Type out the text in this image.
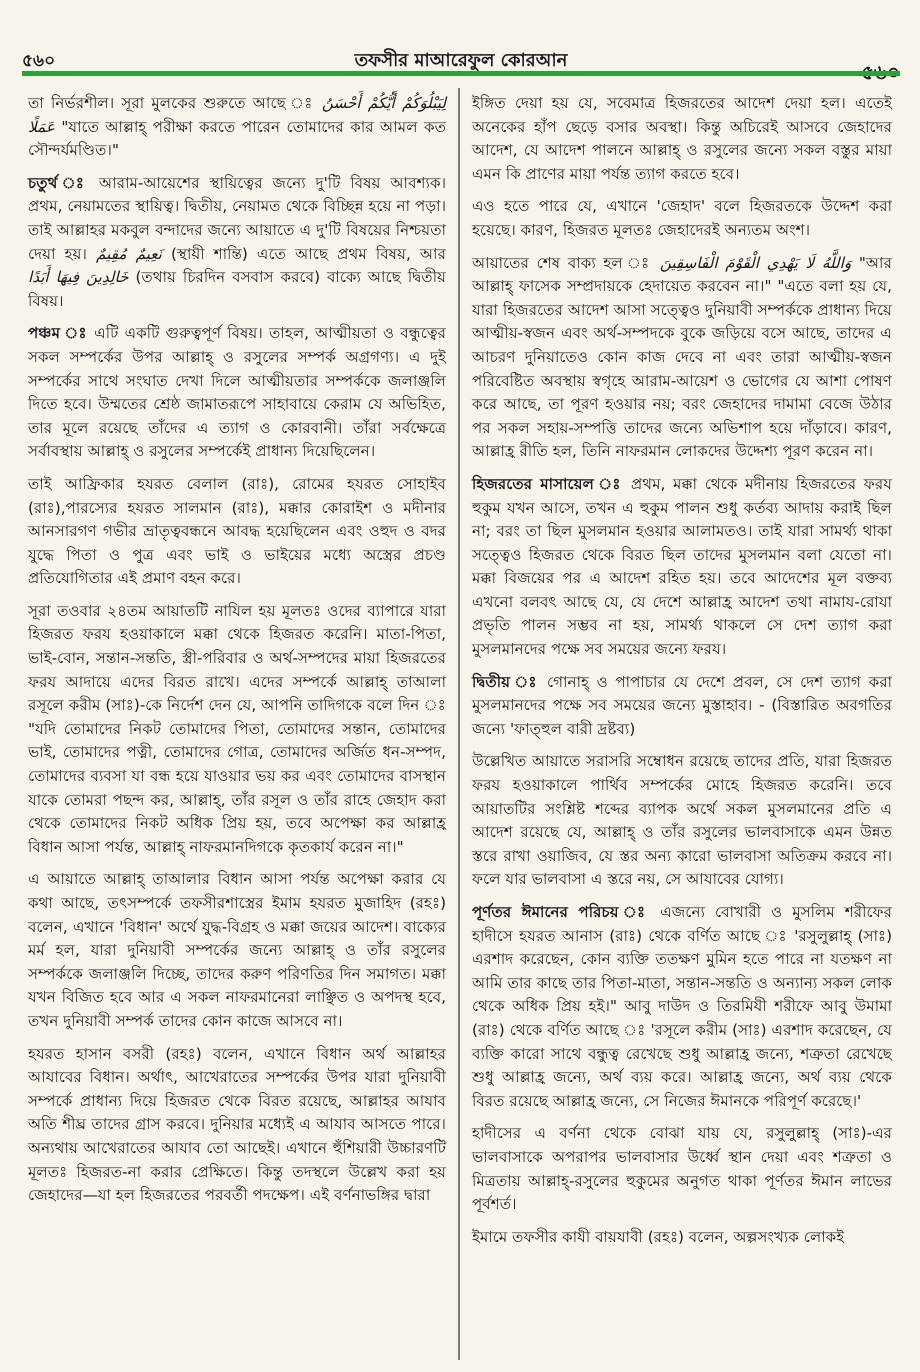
৫৬০	তফসীর মাআরেফুল কোরআন

তা নির্ভরশীল। সূরা মুলকের শুরুতে আছে ঃ لِيَبْلُوَكُمْ أَيُّكُمْ أَحْسَنُ عَمَلًا "যাতে আল্লাহ্ পরীক্ষা করতে পারেন তোমাদের কার আমল কত সৌন্দর্যমণ্ডিত।"

চতুর্থ ঃ আরাম-আয়েশের স্থায়িত্বের জন্যে দু'টি বিষয় আবশ্যক। প্রথম, নেয়ামতের স্থায়িত্ব। দ্বিতীয়, নেয়ামত থেকে বিচ্ছিন্ন হয়ে না পড়া। তাই আল্লাহর মকবুল বন্দাদের জন্যে আয়াতে এ দু'টি বিষয়ের নিশ্চয়তা দেয়া হয়। نَعِيمٌ مُقِيمٌ (স্থায়ী শান্তি) এতে আছে প্রথম বিষয়, আর خَالِدِينَ فِيهَا أَبَدًا (তথায় চিরদিন বসবাস করবে) বাক্যে আছে দ্বিতীয় বিষয়।

পঞ্চম ঃ এটি একটি গুরুত্বপূর্ণ বিষয়। তাহল, আত্মীয়তা ও বন্ধুত্বের সকল সম্পর্কের উপর আল্লাহ্ ও রসুলের সম্পর্ক অগ্রগণ্য। এ দুই সম্পর্কের সাথে সংঘাত দেখা দিলে আত্মীয়তার সম্পর্ককে জলাঞ্জলি দিতে হবে। উম্মতের শ্রেষ্ঠ জামাতরূপে সাহাবায়ে কেরাম যে অভিহিত, তার মূলে রয়েছে তাঁদের এ ত্যাগ ও কোরবানী। তাঁরা সর্বক্ষেত্রে সর্বাবস্থায় আল্লাহ্ ও রসুলের সম্পর্কেই প্রাধান্য দিয়েছিলেন।

তাই আফ্রিকার হযরত বেলাল (রাঃ), রোমের হযরত সোহাইব (রাঃ),পারস্যের হযরত সালমান (রাঃ), মক্কার কোরাইশ ও মদীনার আনসারগণ গভীর ভ্রাতৃত্ববন্ধনে আবদ্ধ হয়েছিলেন এবং ওহুদ ও বদর যুদ্ধে পিতা ও পুত্র এবং ভাই ও ভাইয়ের মধ্যে অস্ত্রের প্রচণ্ড প্রতিযোগিতার এই প্রমাণ বহন করে।

সূরা তওবার ২৪তম আয়াতটি নাযিল হয় মূলতঃ ওদের ব্যাপারে যারা হিজরত ফরয হওয়াকালে মক্কা থেকে হিজরত করেনি। মাতা-পিতা, ভাই-বোন, সন্তান-সন্ততি, স্ত্রী-পরিবার ও অর্থ-সম্পদের মায়া হিজরতের ফরয আদায়ে এদের বিরত রাখে। এদের সম্পর্কে আল্লাহ্ তাআলা রসূলে করীম (সাঃ)-কে নির্দেশ দেন যে, আপনি তাদিগকে বলে দিন ঃ "যদি তোমাদের নিকট তোমাদের পিতা, তোমাদের সন্তান, তোমাদের ভাই, তোমাদের পত্নী, তোমাদের গোত্র, তোমাদের অর্জিত ধন-সম্পদ, তোমাদের ব্যবসা যা বন্ধ হয়ে যাওয়ার ভয় কর এবং তোমাদের বাসস্থান যাকে তোমরা পছন্দ কর, আল্লাহ্, তাঁর রসূল ও তাঁর রাহে জেহাদ করা থেকে তোমাদের নিকট অধিক প্রিয় হয়, তবে অপেক্ষা কর আল্লাহ্র বিধান আসা পর্যন্ত, আল্লাহ্ নাফরমানদিগকে কৃতকার্য করেন না।"

এ আয়াতে আল্লাহ্ তাআলার বিধান আসা পর্যন্ত অপেক্ষা করার যে কথা আছে, তৎসম্পর্কে তফসীরশাস্ত্রের ইমাম হযরত মুজাহিদ (রহঃ) বলেন, এখানে 'বিধান' অর্থে যুদ্ধ-বিগ্রহ ও মক্কা জয়ের আদেশ। বাক্যের মর্ম হল, যারা দুনিয়াবী সম্পর্কের জন্যে আল্লাহ্ ও তাঁর রসুলের সম্পর্ককে জলাঞ্জলি দিচ্ছে, তাদের করুণ পরিণতির দিন সমাগত। মক্কা যখন বিজিত হবে আর এ সকল নাফরমানেরা লাঞ্ছিত ও অপদস্থ হবে, তখন দুনিয়াবী সম্পর্ক তাদের কোন কাজে আসবে না।

হযরত হাসান বসরী (রহঃ) বলেন, এখানে বিধান অর্থ আল্লাহর আযাবের বিধান। অর্থাৎ, আখেরাতের সম্পর্কের উপর যারা দুনিয়াবী সম্পর্কে প্রাধান্য দিয়ে হিজরত থেকে বিরত রয়েছে, আল্লাহর আযাব অতি শীঘ্র তাদের গ্রাস করবে। দুনিয়ার মধ্যেই এ আযাব আসতে পারে। অন্যথায় আখেরাতের আযাব তো আছেই। এখানে হুঁশিয়ারী উচ্চারণটি মূলতঃ হিজরত-না করার প্রেক্ষিতে। কিন্তু তদস্থলে উল্লেখ করা হয় জেহাদের—যা হল হিজরতের পরবর্তী পদক্ষেপ। এই বর্ণনাভঙ্গির দ্বারা

ইঙ্গিত দেয়া হয় যে, সবেমাত্র হিজরতের আদেশ দেয়া হল। এতেই অনেকের হাঁপ ছেড়ে বসার অবস্থা। কিন্তু অচিরেই আসবে জেহাদের আদেশ, যে আদেশ পালনে আল্লাহ্ ও রসুলের জন্যে সকল বস্তুর মায়া এমন কি প্রাণের মায়া পর্যন্ত ত্যাগ করতে হবে।

এও হতে পারে যে, এখানে 'জেহাদ' বলে হিজরতকে উদ্দেশ করা হয়েছে। কারণ, হিজরত মূলতঃ জেহাদেরই অন্যতম অংশ।

আয়াতের শেষ বাক্য হল ঃ وَاللَّهُ لَا يَهْدِي الْقَوْمَ الْفَاسِقِينَ "আর আল্লাহ্ ফাসেক সম্প্রদায়কে হেদায়েত করবেন না।" "এতে বলা হয় যে, যারা হিজরতের আদেশ আসা সত্ত্বেও দুনিয়াবী সম্পর্ককে প্রাধান্য দিয়ে আত্মীয়-স্বজন এবং অর্থ-সম্পদকে বুকে জড়িয়ে বসে আছে, তাদের এ আচরণ দুনিয়াতেও কোন কাজ দেবে না এবং তারা আত্মীয়-স্বজন পরিবেষ্টিত অবস্থায় স্বগৃহে আরাম-আয়েশ ও ভোগের যে আশা পোষণ করে আছে, তা পূরণ হওয়ার নয়; বরং জেহাদের দামামা বেজে উঠার পর সকল সহায়-সম্পত্তি তাদের জন্যে অভিশাপ হয়ে দাঁড়াবে। কারণ, আল্লাহ্র রীতি হল, তিনি নাফরমান লোকদের উদ্দেশ্য পূরণ করেন না।

হিজরতের মাসায়েল ঃ প্রথম, মক্কা থেকে মদীনায় হিজরতের ফরয হুকুম যখন আসে, তখন এ হুকুম পালন শুধু কর্তব্য আদায় করাই ছিল না; বরং তা ছিল মুসলমান হওয়ার আলামতও। তাই যারা সামর্থ্য থাকা সত্ত্বেও হিজরত থেকে বিরত ছিল তাদের মুসলমান বলা যেতো না। মক্কা বিজয়ের পর এ আদেশ রহিত হয়। তবে আদেশের মূল বক্তব্য এখনো বলবৎ আছে যে, যে দেশে আল্লাহ্র আদেশ তথা নামায-রোযা প্রভৃতি পালন সম্ভব না হয়, সামর্থ্য থাকলে সে দেশ ত্যাগ করা মুসলমানদের পক্ষে সব সময়ের জন্যে ফরয।

দ্বিতীয় ঃ গোনাহ্ ও পাপাচার যে দেশে প্রবল, সে দেশ ত্যাগ করা মুসলমানদের পক্ষে সব সময়ের জন্যে মুস্তাহাব। - (বিস্তারিত অবগতির জন্যে 'ফাত্হুল বারী দ্রষ্টব্য)

উল্লেখিত আয়াতে সরাসরি সম্বোধন রয়েছে তাদের প্রতি, যারা হিজরত ফরয হওয়াকালে পার্থিব সম্পর্কের মোহে হিজরত করেনি। তবে আয়াতটির সংশ্লিষ্ট শব্দের ব্যাপক অর্থে সকল মুসলমানের প্রতি এ আদেশ রয়েছে যে, আল্লাহ্ ও তাঁর রসুলের ভালবাসাকে এমন উন্নত স্তরে রাখা ওয়াজিব, যে স্তর অন্য কারো ভালবাসা অতিক্রম করবে না। ফলে যার ভালবাসা এ স্তরে নয়, সে আযাবের যোগ্য।

পূর্ণতর ঈমানের পরিচয় ঃ এজন্যে বোখারী ও মুসলিম শরীফের হাদীসে হযরত আনাস (রাঃ) থেকে বর্ণিত আছে ঃ 'রসুলুল্লাহ্ (সাঃ) এরশাদ করেছেন, কোন ব্যক্তি ততক্ষণ মুমিন হতে পারে না যতক্ষণ না আমি তার কাছে তার পিতা-মাতা, সন্তান-সন্ততি ও অন্যান্য সকল লোক থেকে অধিক প্রিয় হই।" আবু দাউদ ও তিরমিযী শরীফে আবু উমামা (রাঃ) থেকে বর্ণিত আছে ঃ 'রসূলে করীম (সাঃ) এরশাদ করেছেন, যে ব্যক্তি কারো সাথে বন্ধুত্ব রেখেছে শুধু আল্লাহ্র জন্যে, শত্রুতা রেখেছে শুধু আল্লাহ্র জন্যে, অর্থ ব্যয় করে। আল্লাহ্র জন্যে, অর্থ ব্যয় থেকে বিরত রয়েছে আল্লাহ্র জন্যে, সে নিজের ঈমানকে পরিপূর্ণ করেছে।'

হাদীসের এ বর্ণনা থেকে বোঝা যায় যে, রসুলুল্লাহ্ (সাঃ)-এর ভালবাসাকে অপরাপর ভালবাসার উর্ধ্বে স্থান দেয়া এবং শত্রুতা ও মিত্রতায় আল্লাহ্-রসুলের হুকুমের অনুগত থাকা পূর্ণতর ঈমান লাভের পূর্বশর্ত।

ইমামে তফসীর কাযী বায়যাবী (রহঃ) বলেন, অল্পসংখ্যক লোকই
